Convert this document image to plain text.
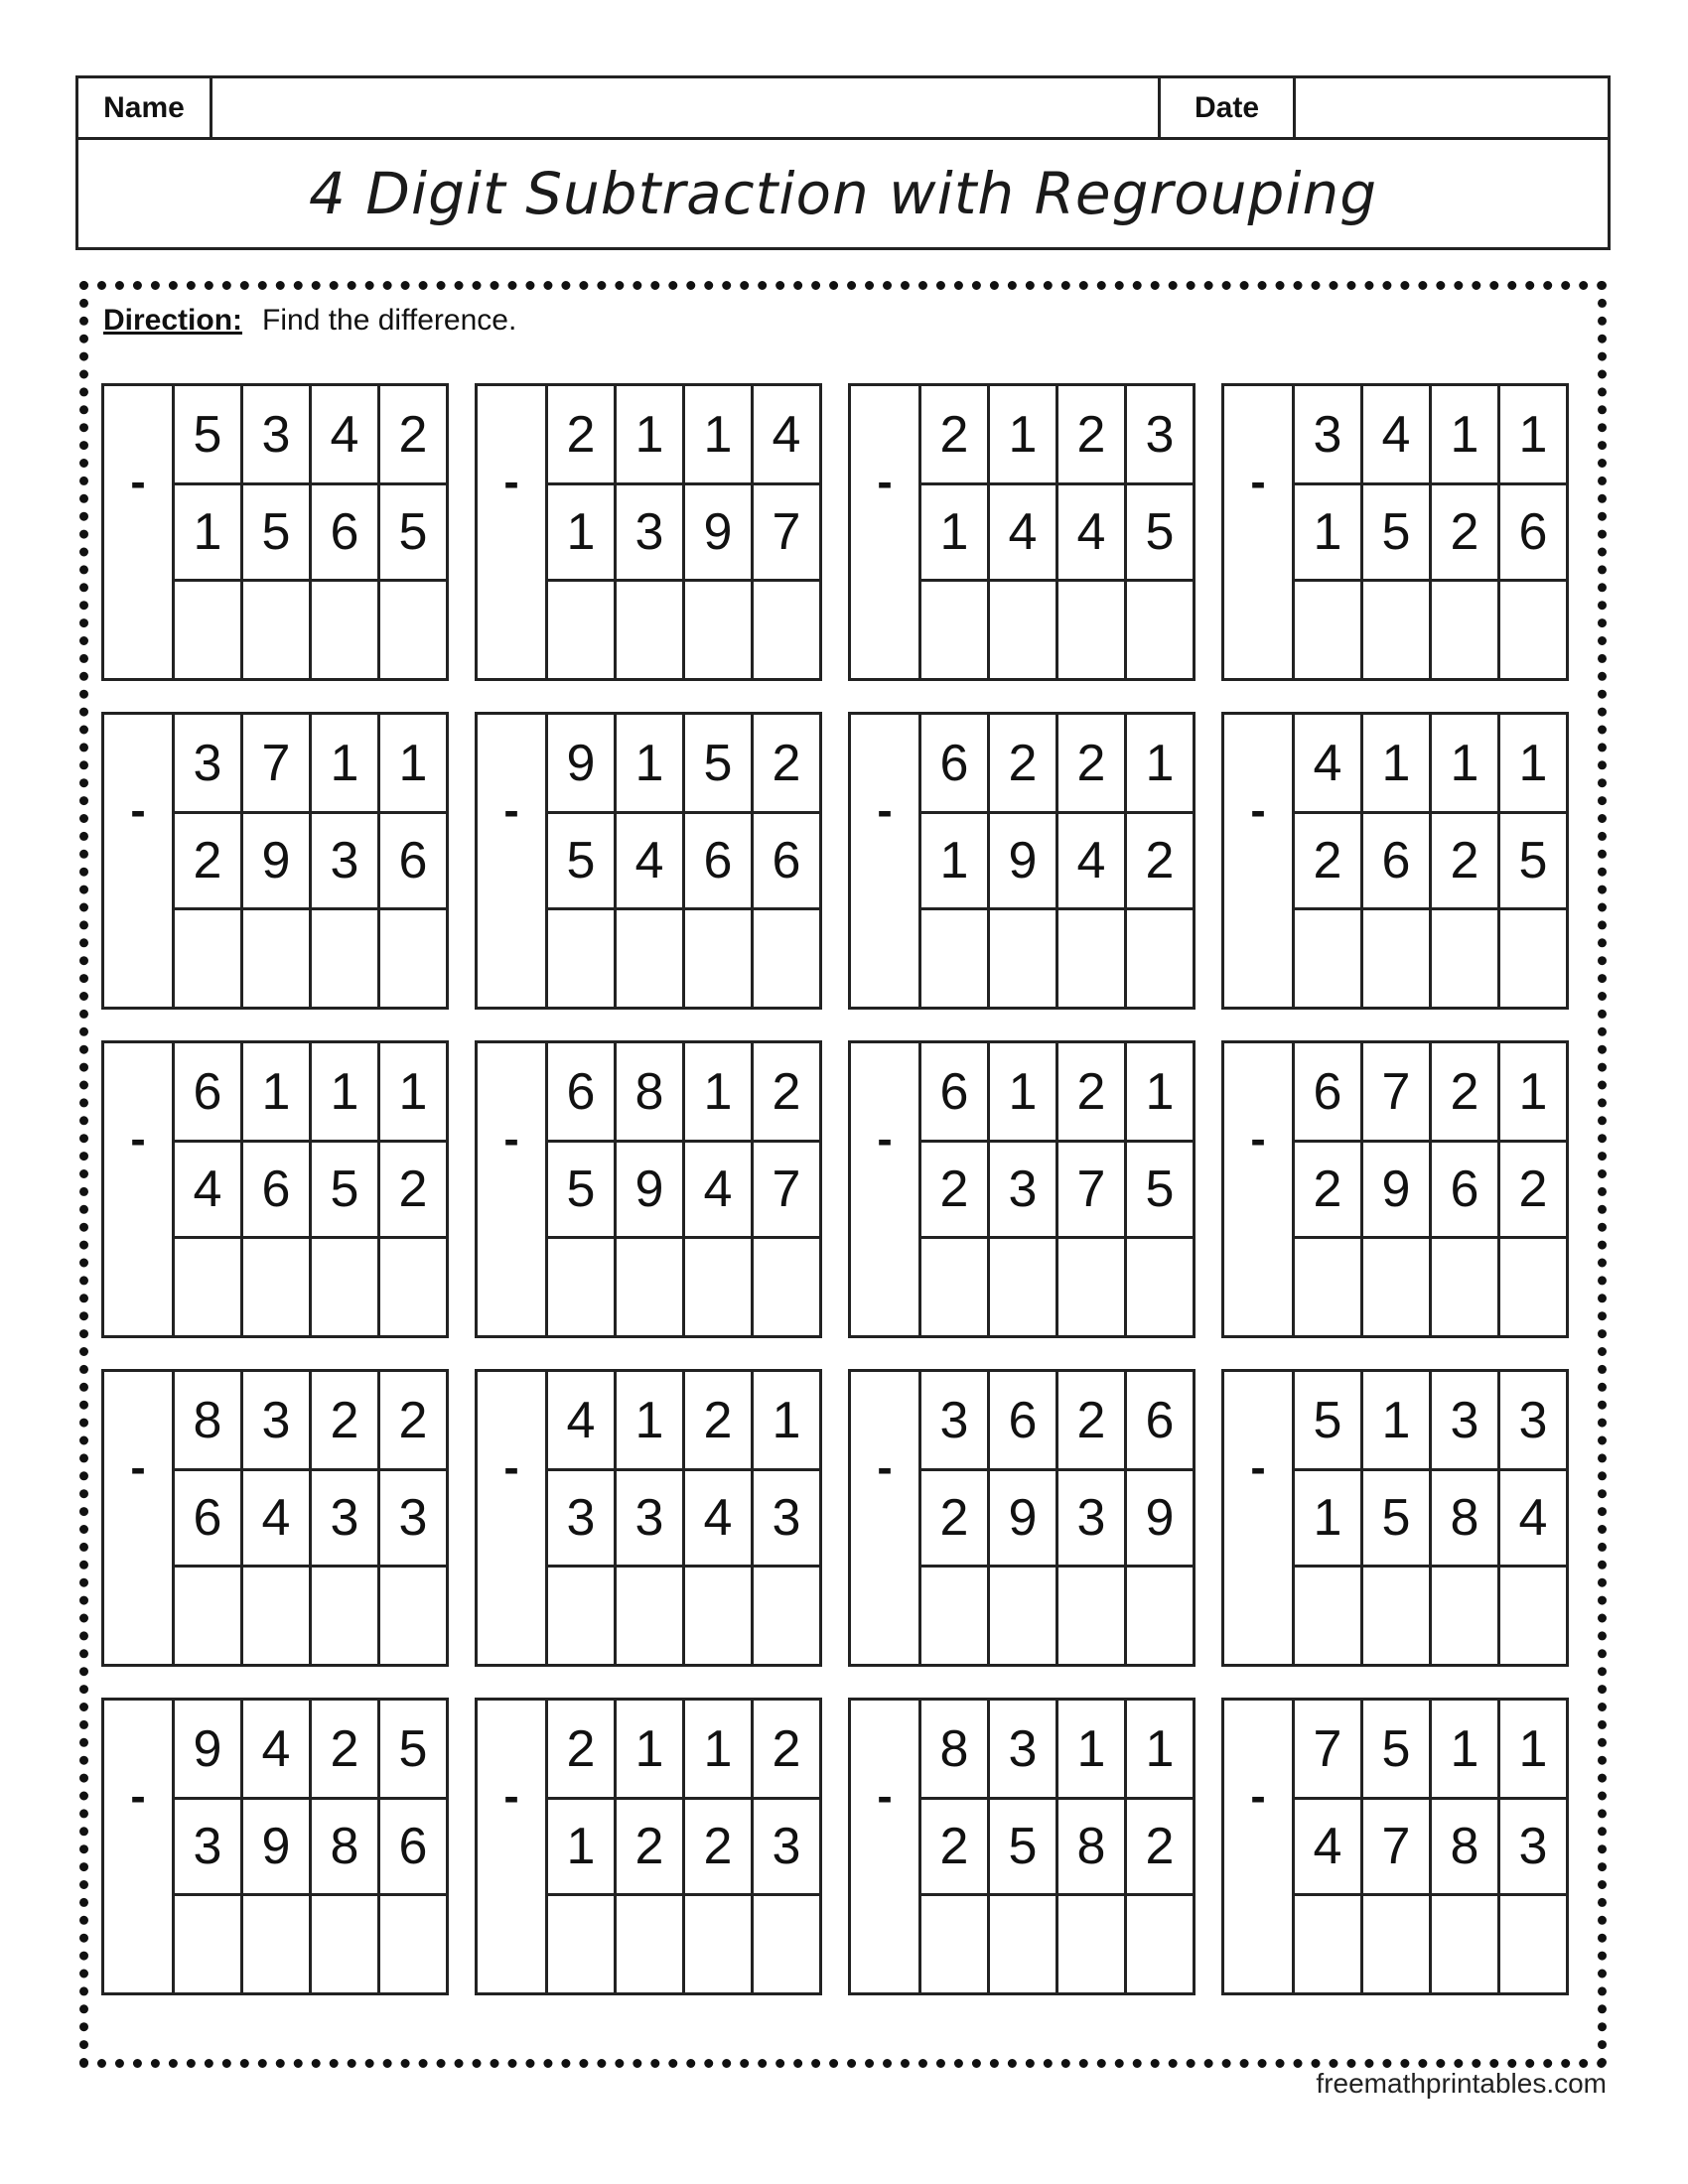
Name	Date
4 Digit Subtraction with Regrouping
Direction: Find the difference.
-
5 3 4 2
1 5 6 5
-
2 1 1 4
1 3 9 7
-
2 1 2 3
1 4 4 5
-
3 4 1 1
1 5 2 6
-
3 7 1 1
2 9 3 6
-
9 1 5 2
5 4 6 6
-
6 2 2 1
1 9 4 2
-
4 1 1 1
2 6 2 5
-
6 1 1 1
4 6 5 2
-
6 8 1 2
5 9 4 7
-
6 1 2 1
2 3 7 5
-
6 7 2 1
2 9 6 2
-
8 3 2 2
6 4 3 3
-
4 1 2 1
3 3 4 3
-
3 6 2 6
2 9 3 9
-
5 1 3 3
1 5 8 4
-
9 4 2 5
3 9 8 6
-
2 1 1 2
1 2 2 3
-
8 3 1 1
2 5 8 2
-
7 5 1 1
4 7 8 3
freemathprintables.com
